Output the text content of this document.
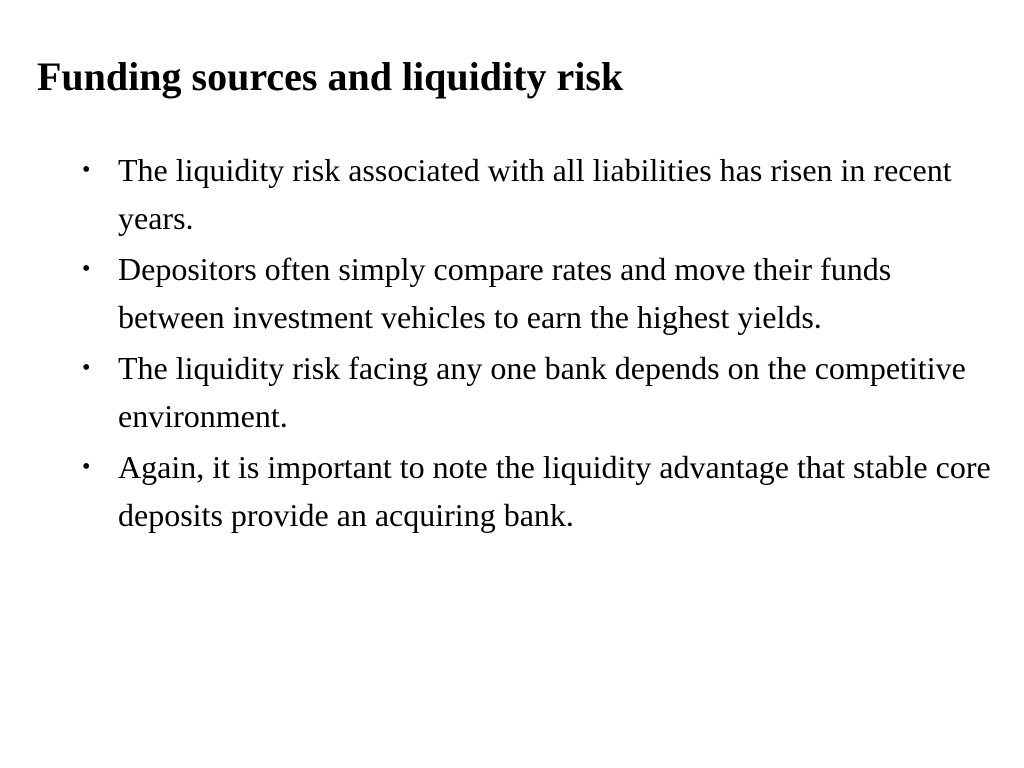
Funding sources and liquidity risk
• The liquidity risk associated with all liabilities has risen in recent years.
• Depositors often simply compare rates and move their funds between investment vehicles to earn the highest yields.
• The liquidity risk facing any one bank depends on the competitive environment.
• Again, it is important to note the liquidity advantage that stable core deposits provide an acquiring bank.
